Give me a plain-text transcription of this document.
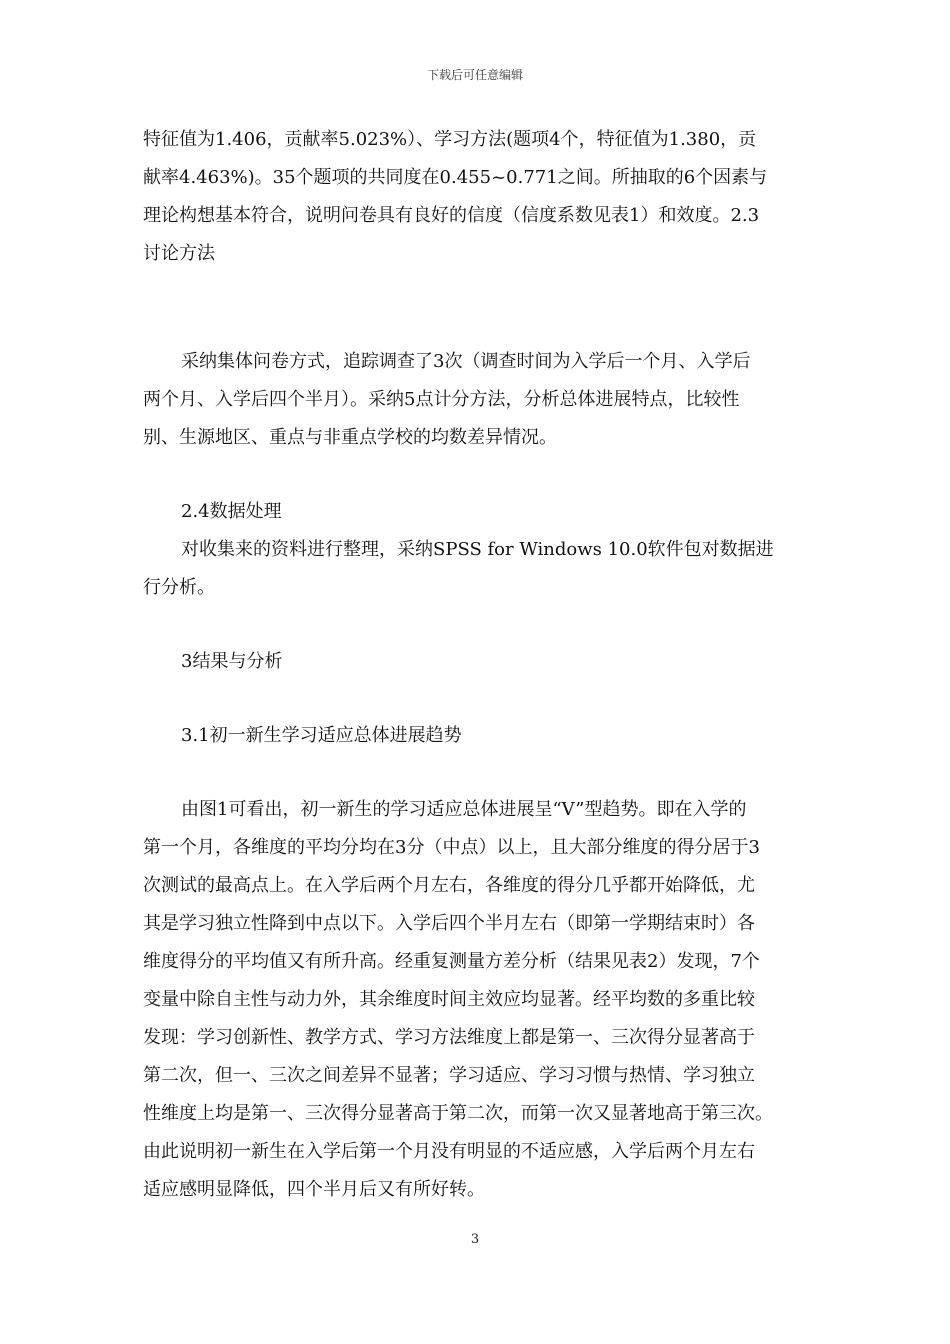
下载后可任意编辑
特征值为1.406，贡献率5.023%）、学习方法(题项4个，特征值为1.380，贡
献率4.463%)。35个题项的共同度在0.455~0.771之间。所抽取的6个因素与
理论构想基本符合，说明问卷具有良好的信度（信度系数见表1）和效度。2.3
讨论方法
采纳集体问卷方式，追踪调查了3次（调查时间为入学后一个月、入学后
两个月、入学后四个半月）。采纳5点计分方法，分析总体进展特点，比较性
别、生源地区、重点与非重点学校的均数差异情况。
2.4数据处理
对收集来的资料进行整理，采纳SPSS for Windows 10.0软件包对数据进
行分析。
3结果与分析
3.1初一新生学习适应总体进展趋势
由图1可看出，初一新生的学习适应总体进展呈“V”型趋势。即在入学的
第一个月，各维度的平均分均在3分（中点）以上，且大部分维度的得分居于3
次测试的最高点上。在入学后两个月左右，各维度的得分几乎都开始降低，尤
其是学习独立性降到中点以下。入学后四个半月左右（即第一学期结束时）各
维度得分的平均值又有所升高。经重复测量方差分析（结果见表2）发现，7个
变量中除自主性与动力外，其余维度时间主效应均显著。经平均数的多重比较
发现：学习创新性、教学方式、学习方法维度上都是第一、三次得分显著高于
第二次，但一、三次之间差异不显著；学习适应、学习习惯与热情、学习独立
性维度上均是第一、三次得分显著高于第二次，而第一次又显著地高于第三次。
由此说明初一新生在入学后第一个月没有明显的不适应感，入学后两个月左右
适应感明显降低，四个半月后又有所好转。
3
